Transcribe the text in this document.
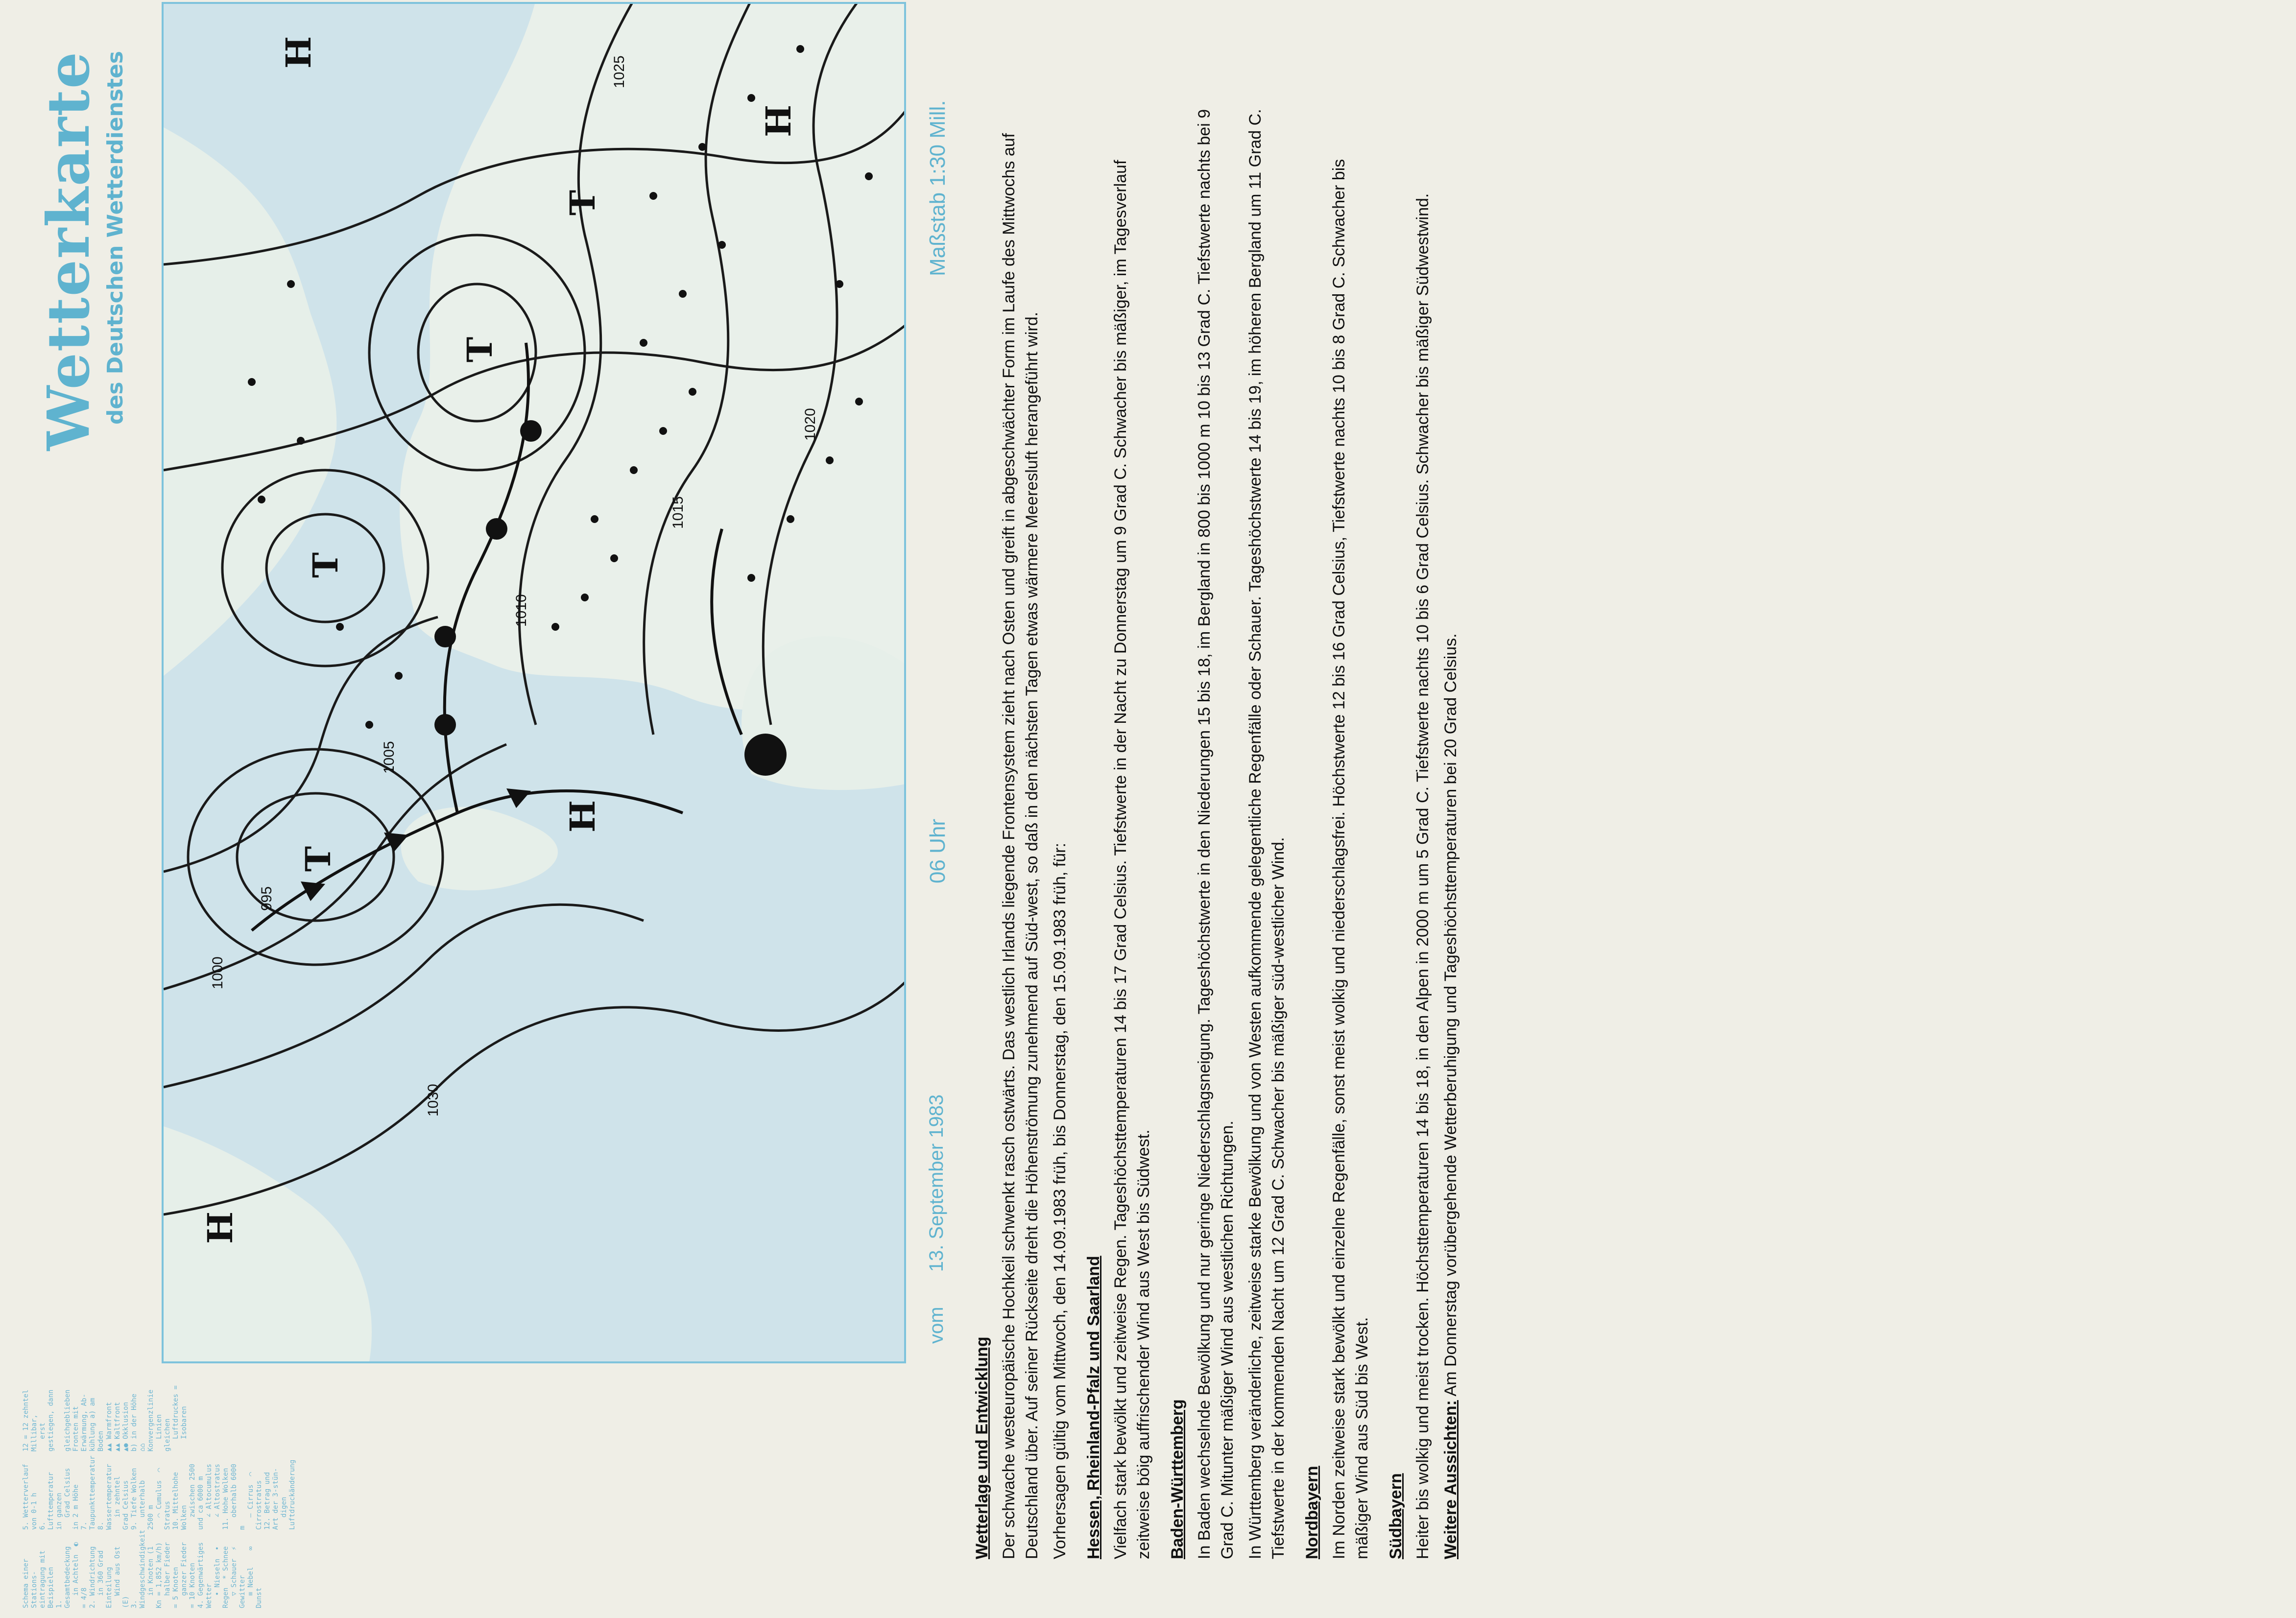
Wetterkarte des Deutschen Wetterdienstes
Schema einer Stations-
eintragung mit Beispielen
1. Gesamtbedeckung
in Achteln  ◐ = 4/8
2. Windrichtung
in 360 Grad Einteilung
Wind aus Ost (E)
3. Windgeschwindigkeit
in Knoten (1 Kn = 1,852 km/h)
halber Fieder = 5 Knoten
ganzer Fieder = 10 Knoten
4. Gegenwärtiges Wetter
• Nieseln  • Regen  * Schnee
▽ Schauer  ⚡ Gewitter
≡ Nebel    ∞ Dunst
5. Wetterverlauf von 0-1 h
6. Lufttemperatur in ganzen
Grad Celsius in 2 m Höhe
7. Taupunkttemperatur
8. Wassertemperatur
in zehntel Grad Celsius
9. Tiefe Wolken
unterhalb 2500 m
⌒ Cumulus  ⌒ Stratus
10. Mittelhohe Wolken
zwischen 2500 und ca 6000 m
∠ Altocumulus
∠ Altostratus
11. Hohe Wolken
oberhalb 6000 m
— Cirrus  ⌒ Cirrostratus
12. Betrag und Art der 3-stün-
digen Luftdruckänderung
12 = 12 zehntel Millibar,
erst gestiegen, dann
gleichgeblieben
Fronten mit Erwärmung, Ab-
kühlung a) am Boden
▲▲ Warmfront
▲▲ Kaltfront
▲● Okklusion
b) in der Höhe
⌂⌂ Konvergenzlinie
Linien gleichen
Luftdruckes =
Isobaren
T
T
H
H
T
T
H
H
995
1000
1005
1010
1015
1020
1025
1030
vom 13. September 1983
06 Uhr
Maßstab 1:30 Mill.
Wetterlage und Entwicklung Der schwache westeuropäische Hochkeil schwenkt rasch ostwärts. Das westlich Irlands liegende Frontensystem zieht nach Osten und greift in abgeschwächter Form im Laufe des Mittwochs auf Deutschland über. Auf seiner Rückseite dreht die Höhenströmung zunehmend auf Süd-west, so daß in den nächsten Tagen etwas wärmere Meeresluft herangeführt wird. Vorhersagen gültig vom Mittwoch, den 14.09.1983 früh, bis Donnerstag, den 15.09.1983 früh, für: Hessen, Rheinland-Pfalz und Saarland Vielfach stark bewölkt und zeitweise Regen. Tageshöchsttemperaturen 14 bis 17 Grad Celsius. Tiefstwerte in der Nacht zu Donnerstag um 9 Grad C. Schwacher bis mäßiger, im Tagesverlauf zeitweise böig auffrischender Wind aus West bis Südwest. Baden-Württemberg In Baden wechselnde Bewölkung und nur geringe Niederschlagsneigung. Tageshöchstwerte in den Niederungen 15 bis 18, im Bergland in 800 bis 1000 m 10 bis 13 Grad C. Tiefstwerte nachts bei 9 Grad C. Mitunter mäßiger Wind aus westlichen Richtungen. In Württemberg veränderliche, zeitweise starke Bewölkung und von Westen aufkommende gelegentliche Regenfälle oder Schauer. Tageshöchstwerte 14 bis 19, im höheren Bergland um 11 Grad C. Tiefstwerte in der kommenden Nacht um 12 Grad C. Schwacher bis mäßiger süd-westlicher Wind. Nordbayern Im Norden zeitweise stark bewölkt und einzelne Regenfälle, sonst meist wolkig und niederschlagsfrei. Höchstwerte 12 bis 16 Grad Celsius, Tiefstwerte nachts 10 bis 8 Grad C. Schwacher bis mäßiger Wind aus Süd bis West. Südbayern Heiter bis wolkig und meist trocken. Höchsttemperaturen 14 bis 18, in den Alpen in 2000 m um 5 Grad C. Tiefstwerte nachts 10 bis 6 Grad Celsius. Schwacher bis mäßiger Südwestwind. Weitere Aussichten: Am Donnerstag vorübergehende Wetterberuhigung und Tageshöchsttemperaturen bei 20 Grad Celsius.
